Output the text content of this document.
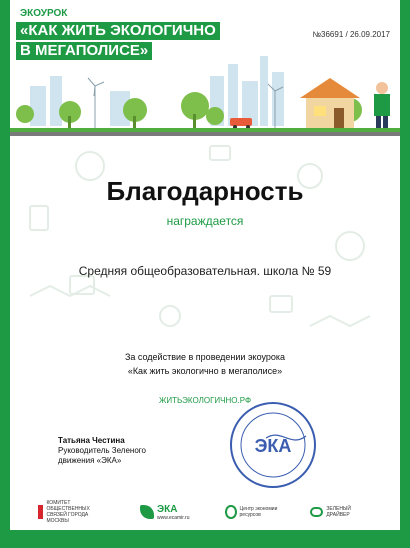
ЭКОУРОК
«КАК ЖИТЬ ЭКОЛОГИЧНО
В МЕГАПОЛИСЕ»
№36691 / 26.09.2017
Благодарность
награждается
Средняя общеобразовательная. школа № 59
За содействие в проведении экоурока
«Как жить экологично в мегаполисе»
ЖИТЬЭКОЛОГИЧНО.РФ
Татьяна Честина
Руководитель Зеленого
движения «ЭКА»
ЭКА
КОМИТЕТ ОБЩЕСТВЕННЫХ СВЯЗЕЙ ГОРОДА МОСКВЫ
ЭКА
www.ecamir.ru
Центр экономии ресурсов
ЗЕЛЕНЫЙ ДРАЙВЕР
